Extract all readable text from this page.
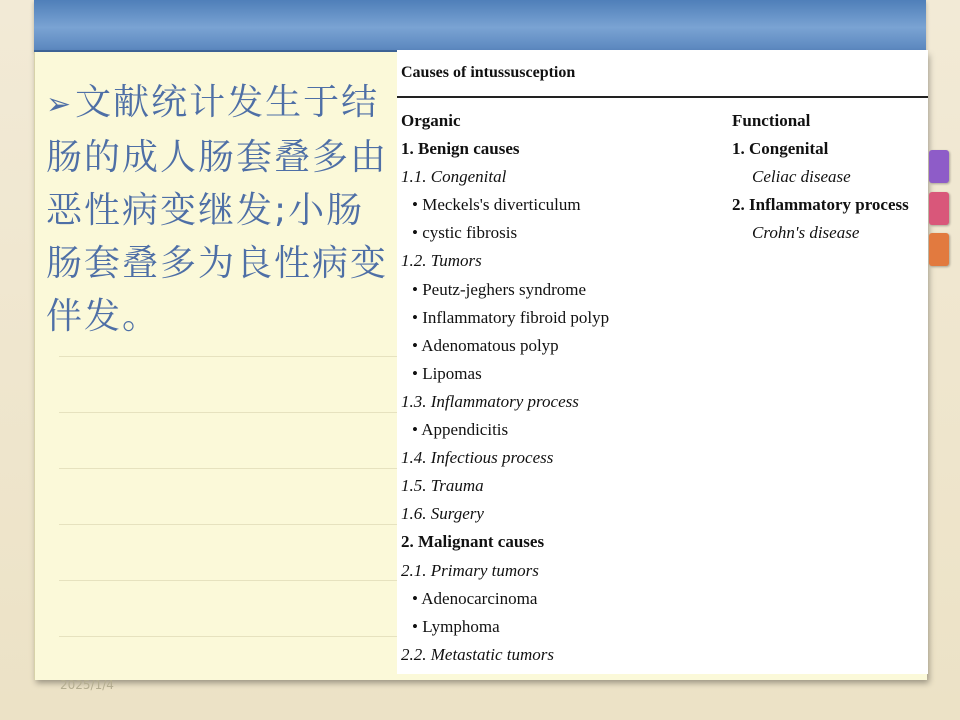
➢文献统计发生于结肠的成人肠套叠多由恶性病变继发;小肠肠套叠多为良性病变伴发。
Causes of intussusception
Organic	Functional
1. Benign causes
1.1. Congenital
• Meckels's diverticulum
• cystic fibrosis
1.2. Tumors
• Peutz-jeghers syndrome
• Inflammatory fibroid polyp
• Adenomatous polyp
• Lipomas
1.3. Inflammatory process
• Appendicitis
1.4. Infectious process
1.5. Trauma
1.6. Surgery
2. Malignant causes
2.1. Primary tumors
• Adenocarcinoma
• Lymphoma
2.2. Metastatic tumors
1. Congenital
Celiac disease
2. Inflammatory process
Crohn's disease
2025/1/4
